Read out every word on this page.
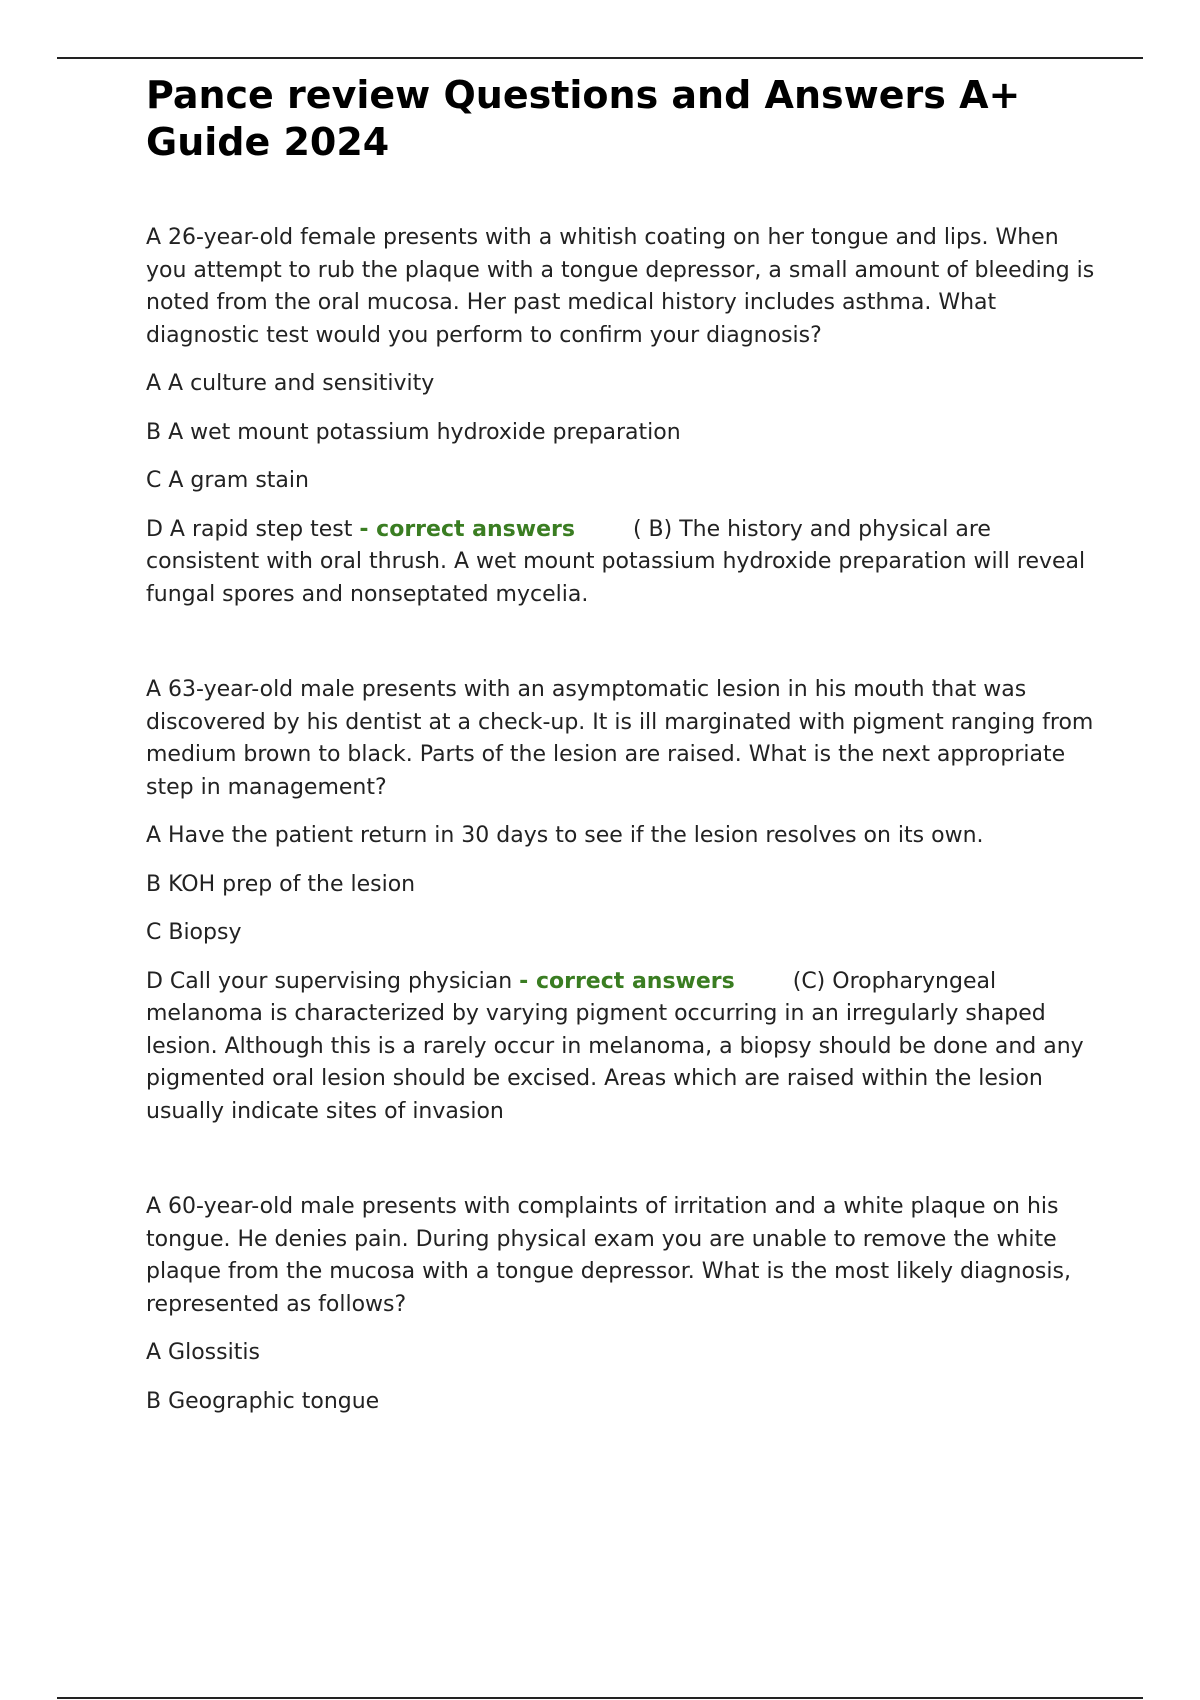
Pance review Questions and Answers A+ Guide 2024

A 26-year-old female presents with a whitish coating on her tongue and lips. When you attempt to rub the plaque with a tongue depressor, a small amount of bleeding is noted from the oral mucosa. Her past medical history includes asthma. What diagnostic test would you perform to confirm your diagnosis?

A A culture and sensitivity

B A wet mount potassium hydroxide preparation

C A gram stain

D A rapid step test - correct answers	( B) The history and physical are consistent with oral thrush. A wet mount potassium hydroxide preparation will reveal fungal spores and nonseptated mycelia.

A 63-year-old male presents with an asymptomatic lesion in his mouth that was discovered by his dentist at a check-up. It is ill marginated with pigment ranging from medium brown to black. Parts of the lesion are raised. What is the next appropriate step in management?

A Have the patient return in 30 days to see if the lesion resolves on its own.

B KOH prep of the lesion

C Biopsy

D Call your supervising physician - correct answers	(C) Oropharyngeal melanoma is characterized by varying pigment occurring in an irregularly shaped lesion. Although this is a rarely occur in melanoma, a biopsy should be done and any pigmented oral lesion should be excised. Areas which are raised within the lesion usually indicate sites of invasion

A 60-year-old male presents with complaints of irritation and a white plaque on his tongue. He denies pain. During physical exam you are unable to remove the white plaque from the mucosa with a tongue depressor. What is the most likely diagnosis, represented as follows?

A Glossitis

B Geographic tongue
